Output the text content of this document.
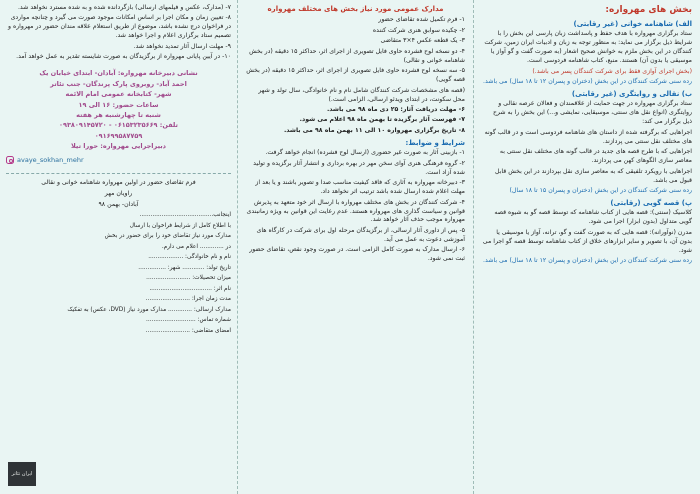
بخش های مهرواره:

الف) شاهنامه خوانی (غیر رقابتی)

ستاد برگزاری مهرواره با هدف حفظ و پاسداشت زبان پارسی این بخش را با شرایط ذیل برگزار می نماید: به منظور توجه به زبان و ادبیات ایران زمین، شرکت کنندگان در این بخش ملزم به خوانش صحیح اشعار (به صورت گفت و گو آواز یا موسیقی یا بدون آن) هستند. منبع، کتاب شاهنامه فردوسی است.

(بخش اجرای آوازی فقط برای شرکت کنندگان پسر می باشد.)

رده سنی شرکت کنندگان در این بخش (دختران و پسران ۱۲ تا ۱۸ سال) می باشد.

ب) نقالی و روایتگری (غیر رقابتی)

ستاد برگزاری مهرواره در جهت حمایت از علاقمندان و فعالان عرصه نقالی و روایتگری (انواع نقل های سنتی، موسیقایی، نمایشی و...) این بخش را به شرح ذیل برگزار می کند:

اجراهایی که برگرفته شده از داستان های شاهنامه فردوسی است و در قالب گونه های مختلف نقل سنتی می پردازند.

اجراهایی که با طرح قصه های جدید در قالب گونه های مختلف نقل سنتی به معاصر سازی الگوهای کهن می پردازند.

اجراهایی با رویکرد تلفیقی که به معاصر سازی نقل بپردازند در این بخش قابل قبول می باشد.

رده سنی شرکت کنندگان در این بخش (دختران و پسران ۱۵ تا ۱۸ سال)

پ) قصه گویی (رقابتی)

کلاسیک (سنتی): قصه هایی از کتاب شاهنامه که توسط قصه گو به شیوه قصه گویی متداول (بدون ابزار) اجرا می شود.

مدرن (نوآورانه): قصه هایی که به صورت گفت و گو، ترانه، آواز یا موسیقی یا بدون آن، با تصویر و سایر ابزارهای خلاق از کتاب شاهنامه توسط قصه گو اجرا می شود.

رده سنی شرکت کنندگان در این بخش (دختران و پسران ۱۲ تا ۱۸ سال) می باشد.

مدارک عمومی مورد نیاز بخش های مختلف مهرواره

۱- فرم تکمیل شده تقاضای حضور

۲- چکیده سوابق هنری شرکت کننده

۳- یک قطعه عکس ۴×۳ متقاضی

۴- دو نسخه لوح فشرده حاوی فایل تصویری از اجرای اثر، حداکثر ۱۵ دقیقه (در بخش شاهنامه خوانی و نقالی)

۵- سه نسخه لوح فشرده حاوی فایل تصویری از اجرای اثر، حداکثر ۱۵ دقیقه (در بخش قصه گویی)

(قصه های مشخصات شرکت کنندگان شامل نام و نام خانوادگی، سال تولد و شهر محل سکونت، در ابتدای ویدئو ارسالی، الزامی است.)

۶- مهلت دریافت آثار: ۲۵ دی ماه ۹۸ می باشد.

۷- فهرست آثار برگزیده تا بهمن ماه ۹۸ اعلام می شود.

۸- تاریخ برگزاری مهرواره ۱۰ الی ۱۱ بهمن ماه ۹۸ می باشد.

شرایط و ضوابط:

۱- بازبینی آثار به صورت غیر حضوری (ارسال لوح فشرده) انجام خواهد گرفت.

۲- گروه فرهنگی هنری آوای سخن مهر در بهره برداری و انتشار آثار برگزیده و تولید شده آزاد است.

۳- دبیرخانه مهرواره به آثاری که فاقد کیفیت مناسب صدا و تصویر باشند و یا بعد از مهلت اعلام شده ارسال شده باشد ترتیب اثر نخواهد داد.

۴- شرکت کنندگان در بخش های مختلف مهرواره با ارسال اثر خود متعهد به پذیرش قوانین و سیاست گذاری های مهرواره هستند. عدم رعایت این قوانین به ویژه زمانبندی مهرواره موجب حذف آثار خواهد شد.

۵- پس از داوری آثار ارسالی، از برگزیدگان مرحله اول برای شرکت در کارگاه های آموزشی دعوت به عمل می آید.

۶- ارسال مدارک به صورت کامل الزامی است. در صورت وجود نقص، تقاضای حضور ثبت نمی شود.

۷- (مدارک، عکس و فیلمهای ارسالی) بازگردانده شده و به شده مسترد نخواهد شد.

۸- تعیین زمان و مکان اجرا بر اساس امکانات موجود صورت می گیرد و چنانچه مواردی در فراخوان درج نشده باشد، موضوع از طریق استعلام علاقه مندان حضور در مهرواره و تصمیم ستاد برگزاری اعلام و اجرا خواهد شد.

۹- مهلت ارسال آثار تمدید نخواهد شد.

۱۰- در آیین پایانی مهرواره از برگزیدگان به صورت شایسته تقدیر به عمل خواهد آمد.

نشانی دبیرخانه مهرواره: آبادان- ابتدای خیابان یک

احمد آباد- روبروی پارک پرندگان- جنب تئاتر

شهر- کتابخانه عمومی امام الائمه

ساعات حضور: ۱۶ الی ۱۹

شنبه تا چهارشنبه هر هفته

تلفن: ۰۶۱۵۳۲۳۵۶۶۹ - ۰۹۳۸۰۹۱۴۵۷۲۰

۰۹۱۶۹۹۵۸۷۷۵۹

دبیراجرایی مهرواره: حورا تیلا

avaye_sokhan_mehr

فرم تقاضای حضور در اولین مهرواره شاهنامه خوانی و نقالی

راویان مهر

آبادان- بهمن ۹۸

اینجانب........................................

با اطلاع کامل از شرایط فراخوان با ارسال

مدارک مورد نیاز تقاضای خود را برای حضور در بخش

در ............. اعلام می دارم.

نام و نام خانوادگی: ...................

تاریخ تولد: ............ شهر: ...............

میزان تحصیلات: ........................

نام اثر: ..................................

مدت زمان اجرا: ........................

مدارک ارسالی: ............. مدارک مورد نیاز (DVD، عکس) به تفکیک

شماره تماس: ...........................

امضای متقاضی: ........................

ایران تئاتر
